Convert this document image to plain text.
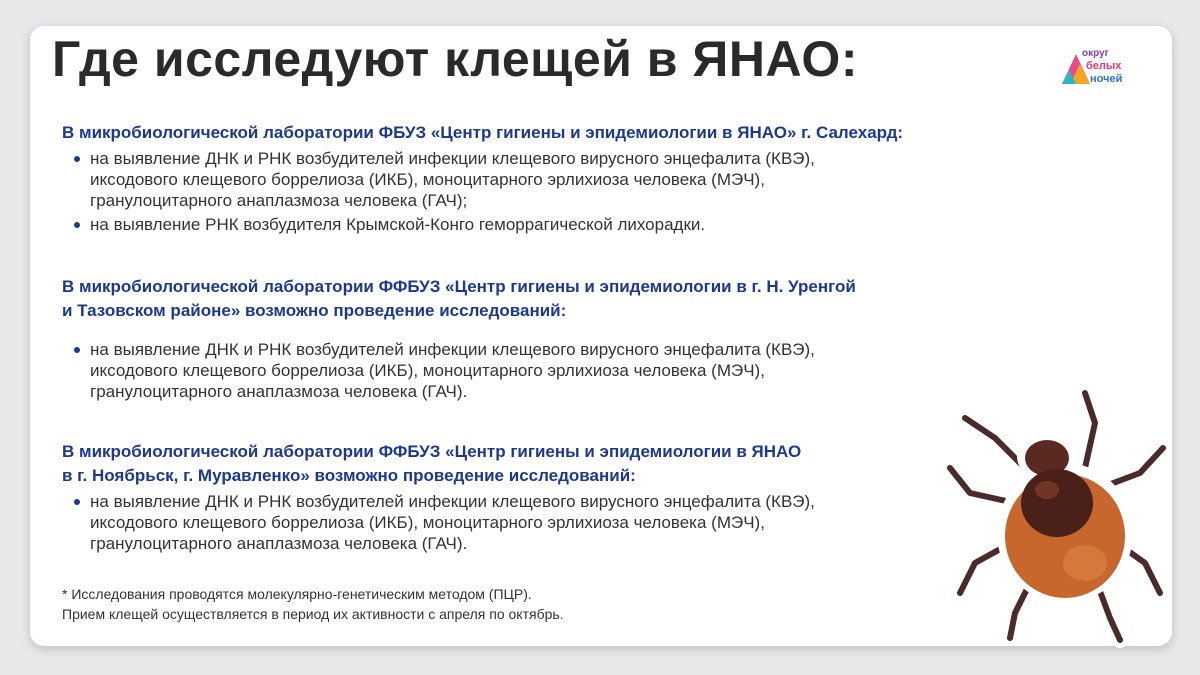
Где исследуют клещей в ЯНАО:	округ
белых
ночей
В микробиологической лаборатории ФБУЗ «Центр гигиены и эпидемиологии в ЯНАО» г. Салехард:
на выявление ДНК и РНК возбудителей инфекции клещевого вирусного энцефалита (КВЭ),
иксодового клещевого боррелиоза (ИКБ), моноцитарного эрлихиоза человека (МЭЧ),
гранулоцитарного анаплазмоза человека (ГАЧ);
на выявление РНК возбудителя Крымской-Конго геморрагической лихорадки.
В микробиологической лаборатории ФФБУЗ «Центр гигиены и эпидемиологии в г. Н. Уренгой
и Тазовском районе» возможно проведение исследований:
на выявление ДНК и РНК возбудителей инфекции клещевого вирусного энцефалита (КВЭ),
иксодового клещевого боррелиоза (ИКБ), моноцитарного эрлихиоза человека (МЭЧ),
гранулоцитарного анаплазмоза человека (ГАЧ).
В микробиологической лаборатории ФФБУЗ «Центр гигиены и эпидемиологии в ЯНАО
в г. Ноябрьск, г. Муравленко» возможно проведение исследований:
на выявление ДНК и РНК возбудителей инфекции клещевого вирусного энцефалита (КВЭ),
иксодового клещевого боррелиоза (ИКБ), моноцитарного эрлихиоза человека (МЭЧ),
гранулоцитарного анаплазмоза человека (ГАЧ).
* Исследования проводятся молекулярно-генетическим методом (ПЦР).
Прием клещей осуществляется в период их активности с апреля по октябрь.
